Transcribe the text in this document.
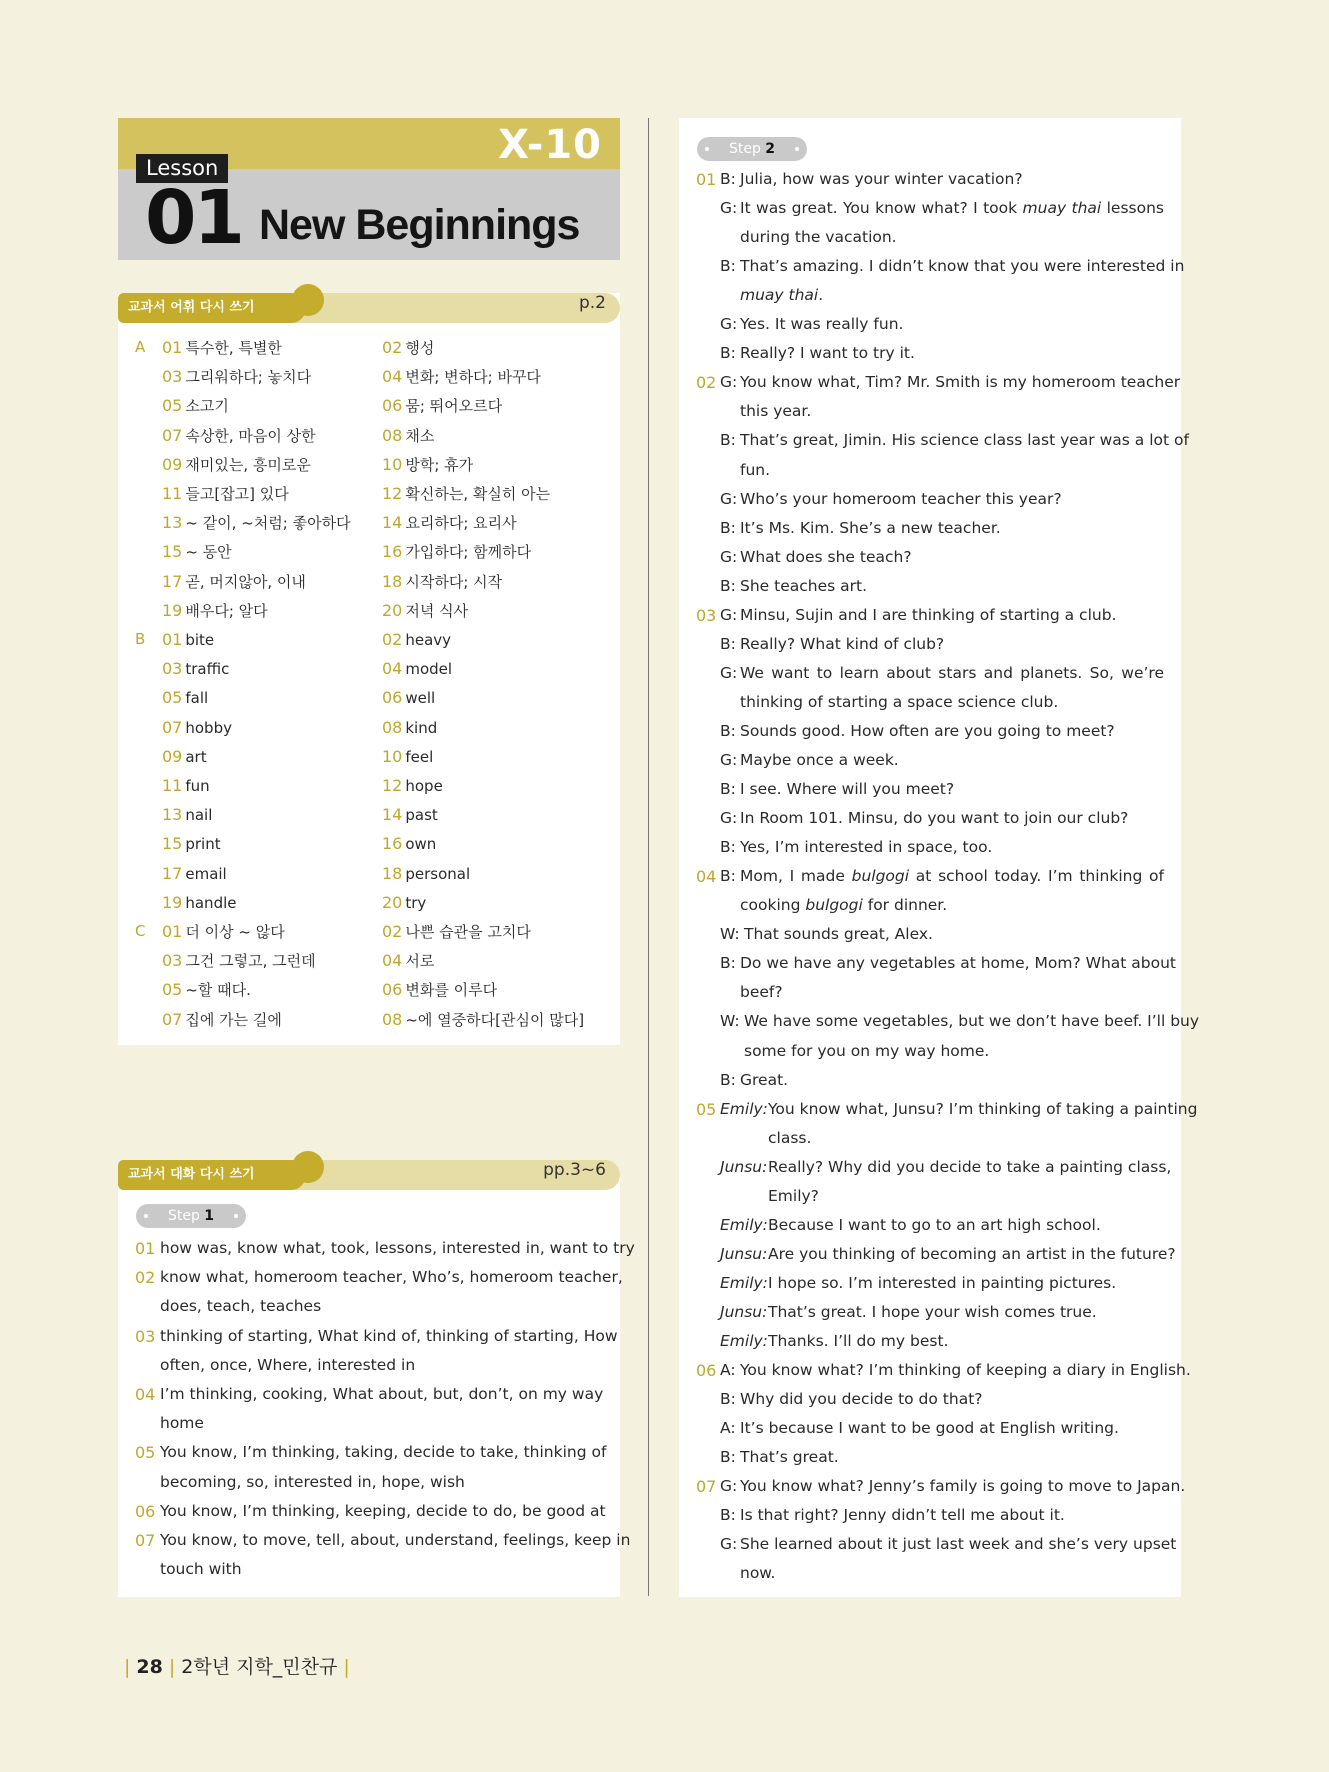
X-10
Lesson
01 New Beginnings
교과서 어휘 다시 쓰기	p.2
A 01 특수한, 특별한	02 행성
03 그리워하다; 놓치다	04 변화; 변하다; 바꾸다
05 소고기	06 뭄; 뛰어오르다
07 속상한, 마음이 상한	08 채소
09 재미있는, 흥미로운	10 방학; 휴가
11 들고[잡고] 있다	12 확신하는, 확실히 아는
13 ~ 같이, ~처럼; 좋아하다 14 요리하다; 요리사
15 ~ 동안	16 가입하다; 함께하다
17 곧, 머지않아, 이내	18 시작하다; 시작
19 배우다; 알다	20 저녁 식사
B 01 bite	02 heavy
03 traffic	04 model
05 fall	06 well
07 hobby	08 kind
09 art	10 feel
11 fun	12 hope
13 nail	14 past
15 print	16 own
17 email	18 personal
19 handle	20 try
C 01 더 이상 ~ 않다	02 나쁜 습관을 고치다
03 그건 그렇고, 그런데	04 서로
05 ~할 때다.	06 변화를 이루다
07 집에 가는 길에	08 ~에 열중하다[관심이 많다]
교과서 대화 다시 쓰기	pp.3~6
Step 1
01 how was, know what, took, lessons, interested in, want to try
02 know what, homeroom teacher, Who’s, homeroom teacher,
does, teach, teaches
03 thinking of starting, What kind of, thinking of starting, How
often, once, Where, interested in
04 I’m thinking, cooking, What about, but, don’t, on my way
home
05 You know, I’m thinking, taking, decide to take, thinking of
becoming, so, interested in, hope, wish
06 You know, I’m thinking, keeping, decide to do, be good at
07 You know, to move, tell, about, understand, feelings, keep in
touch with
Step 2
01 B: Julia, how was your winter vacation?
G: It was great. You know what? I took muay thai lessons
during the vacation.
B: That’s amazing. I didn’t know that you were interested in
muay thai.
G: Yes. It was really fun.
B: Really? I want to try it.
02 G: You know what, Tim? Mr. Smith is my homeroom teacher
this year.
B: That’s great, Jimin. His science class last year was a lot of
fun.
G: Who’s your homeroom teacher this year?
B: It’s Ms. Kim. She’s a new teacher.
G: What does she teach?
B: She teaches art.
03 G: Minsu, Sujin and I are thinking of starting a club.
B: Really? What kind of club?
G: We want to learn about stars and planets. So, we’re
thinking of starting a space science club.
B: Sounds good. How often are you going to meet?
G: Maybe once a week.
B: I see. Where will you meet?
G: In Room 101. Minsu, do you want to join our club?
B: Yes, I’m interested in space, too.
04 B: Mom, I made bulgogi at school today. I’m thinking of
cooking bulgogi for dinner.
W: That sounds great, Alex.
B: Do we have any vegetables at home, Mom? What about
beef?
W: We have some vegetables, but we don’t have beef. I’ll buy
some for you on my way home.
B: Great.
05 Emily: You know what, Junsu? I’m thinking of taking a painting
class.
Junsu: Really? Why did you decide to take a painting class,
Emily?
Emily: Because I want to go to an art high school.
Junsu: Are you thinking of becoming an artist in the future?
Emily: I hope so. I’m interested in painting pictures.
Junsu: That’s great. I hope your wish comes true.
Emily: Thanks. I’ll do my best.
06 A: You know what? I’m thinking of keeping a diary in English.
B: Why did you decide to do that?
A: It’s because I want to be good at English writing.
B: That’s great.
07 G: You know what? Jenny’s family is going to move to Japan.
B: Is that right? Jenny didn’t tell me about it.
G: She learned about it just last week and she’s very upset
now.
| 28 | 2학년 지학_민찬규 |
